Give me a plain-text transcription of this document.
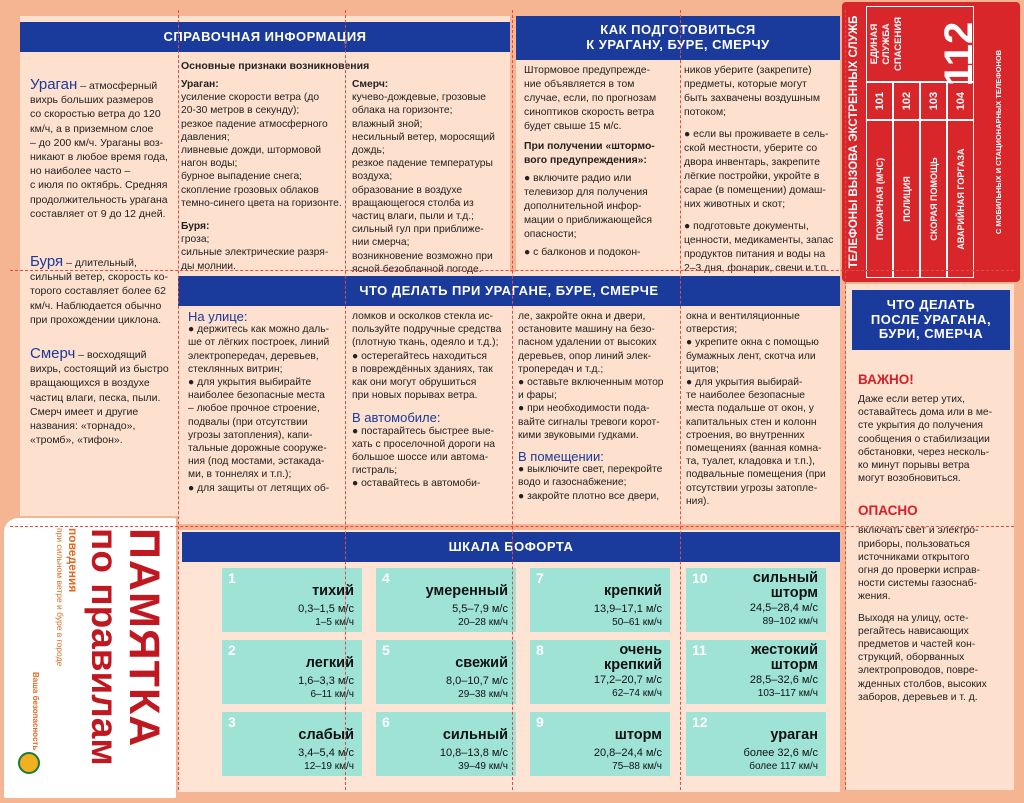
СПРАВОЧНАЯ ИНФОРМАЦИЯ	КАК ПОДГОТОВИТЬСЯ
К УРАГАНУ, БУРЕ, СМЕРЧУ
ЧТО ДЕЛАТЬ ПРИ УРАГАНЕ, БУРЕ, СМЕРЧЕ
ЧТО ДЕЛАТЬ
ПОСЛЕ УРАГАНА,
БУРИ, СМЕРЧА
ШКАЛА БОФОРТА
Ураган – атмосферный
вихрь больших размеров
со скоростью ветра до 120
км/ч, а в приземном слое
– до 200 км/ч. Ураганы воз-
никают в любое время года,
но наиболее часто –
с июля по октябрь. Средняя
продолжительность урагана
составляет от 9 до 12 дней.
Буря – длительный,
сильный ветер, скорость ко-
торого составляет более 62
км/ч. Наблюдается обычно
при прохождении циклона.
Смерч – восходящий
вихрь, состоящий из быстро
вращающихся в воздухе
частиц влаги, песка, пыли.
Смерч имеет и другие
названия: «торнадо»,
«тромб», «тифон».
Основные признаки возникновения
Ураган:
усиление скорости ветра (до
20-30 метров в секунду);
резкое падение атмосферного
давления;
ливневые дожди, штормовой
нагон воды;
бурное выпадение снега;
скопление грозовых облаков
темно-синего цвета на горизонте.
Буря:
гроза;
сильные электрические разря-
ды молнии.
Смерч:
кучево-дождевые, грозовые
облака на горизонте;
влажный зной;
несильный ветер, моросящий
дождь;
резкое падение температуры
воздуха;
образование в воздухе
вращающегося столба из
частиц влаги, пыли и т.д.;
сильный гул при приближе-
нии смерча;
возникновение возможно при
ясной безоблачной погоде.
Штормовое предупрежде-
ние объявляется в том
случае, если, по прогнозам
синоптиков скорость ветра
будет свыше 15 м/с.
При получении «штормо-
вого предупреждения»:
● включите радио или
телевизор для получения
дополнительной инфор-
мации о приближающейся
опасности;
● с балконов и подокон-
ников уберите (закрепите)
предметы, которые могут
быть захвачены воздушным
потоком;
● если вы проживаете в сель-
ской местности, уберите со
двора инвентарь, закрепите
лёгкие постройки, укройте в
сарае (в помещении) домаш-
них животных и скот;
● подготовьте документы,
ценности, медикаменты, запас
продуктов питания и воды на
2–3 дня, фонарик, свечи и т.п.
ТЕЛЕФОНЫ ВЫЗОВА ЭКСТРЕННЫХ СЛУЖБ	ПОЖАРНАЯ (МЧС)
101
ПОЛИЦИЯ
102
СКОРАЯ ПОМОЩЬ
103
АВАРИЙНАЯ ГОРГАЗА
104
ЕДИНАЯ СЛУЖБА СПАСЕНИЯ 112 С МОБИЛЬНЫХ И СТАЦИОНАРНЫХ ТЕЛЕФОНОВ
На улице:
● держитесь как можно даль-
ше от лёгких построек, линий
электропередач, деревьев,
стеклянных витрин;
● для укрытия выбирайте
наиболее безопасные места
– любое прочное строение,
подвалы (при отсутствии
угрозы затопления), капи-
тальные дорожные сооруже-
ния (под мостами, эстакада-
ми, в тоннелях и т.п.);
● для защиты от летящих об-
ломков и осколков стекла ис-
пользуйте подручные средства
(плотную ткань, одеяло и т.д.);
● остерегайтесь находиться
в повреждённых зданиях, так
как они могут обрушиться
при новых порывах ветра.
В автомобиле:
● постарайтесь быстрее вые-
хать с проселочной дороги на
большое шоссе или автома-
гистраль;
● оставайтесь в автомоби-
ле, закройте окна и двери,
остановите машину на безо-
пасном удалении от высоких
деревьев, опор линий элек-
тропередач и т.д.;
● оставьте включенным мотор
и фары;
● при необходимости пода-
вайте сигналы тревоги корот-
кими звуковыми гудками.
В помещении:
● выключите свет, перекройте
водо и газоснабжение;
● закройте плотно все двери,
окна и вентиляционные
отверстия;
● укрепите окна с помощью
бумажных лент, скотча или
щитов;
● для укрытия выбирай-
те наиболее безопасные
места подальше от окон, у
капитальных стен и колонн
строения, во внутренних
помещениях (ванная комна-
та, туалет, кладовка и т.п.),
подвальные помещения (при
отсутствии угрозы затопле-
ния).
ВАЖНО!
Даже если ветер утих,
оставайтесь дома или в ме-
сте укрытия до получения
сообщения о стабилизации
обстановки, через несколь-
ко минут порывы ветра
могут возобновиться.
ОПАСНО
включать свет и электро-
приборы, пользоваться
источниками открытого
огня до проверки исправ-
ности системы газоснаб-
жения.
Выходя на улицу, осте-
регайтесь нависающих
предметов и частей кон-
струкций, оборванных
электропроводов, повре-
жденных столбов, высоких
заборов, деревьев и т. д.
ПАМЯТКА
по правилам
поведения
при сильном ветре и буре в городе
Ваша безопасность
1
тихий
0,3–1,5 м/с
1–5 км/ч
2
легкий
1,6–3,3 м/с
6–11 км/ч
3
слабый
3,4–5,4 м/с
12–19 км/ч
4
умеренный
5,5–7,9 м/с
20–28 км/ч
5
свежий
8,0–10,7 м/с
29–38 км/ч
6
сильный
10,8–13,8 м/с
39–49 км/ч
7
крепкий
13,9–17,1 м/с
50–61 км/ч
8	очень
крепкий
17,2–20,7 м/с
62–74 км/ч
9
шторм
20,8–24,4 м/с
75–88 км/ч
10	сильный
шторм
24,5–28,4 м/с
89–102 км/ч
11	жестокий
шторм
28,5–32,6 м/с
103–117 км/ч
12
ураган
более 32,6 м/с
более 117 км/ч
